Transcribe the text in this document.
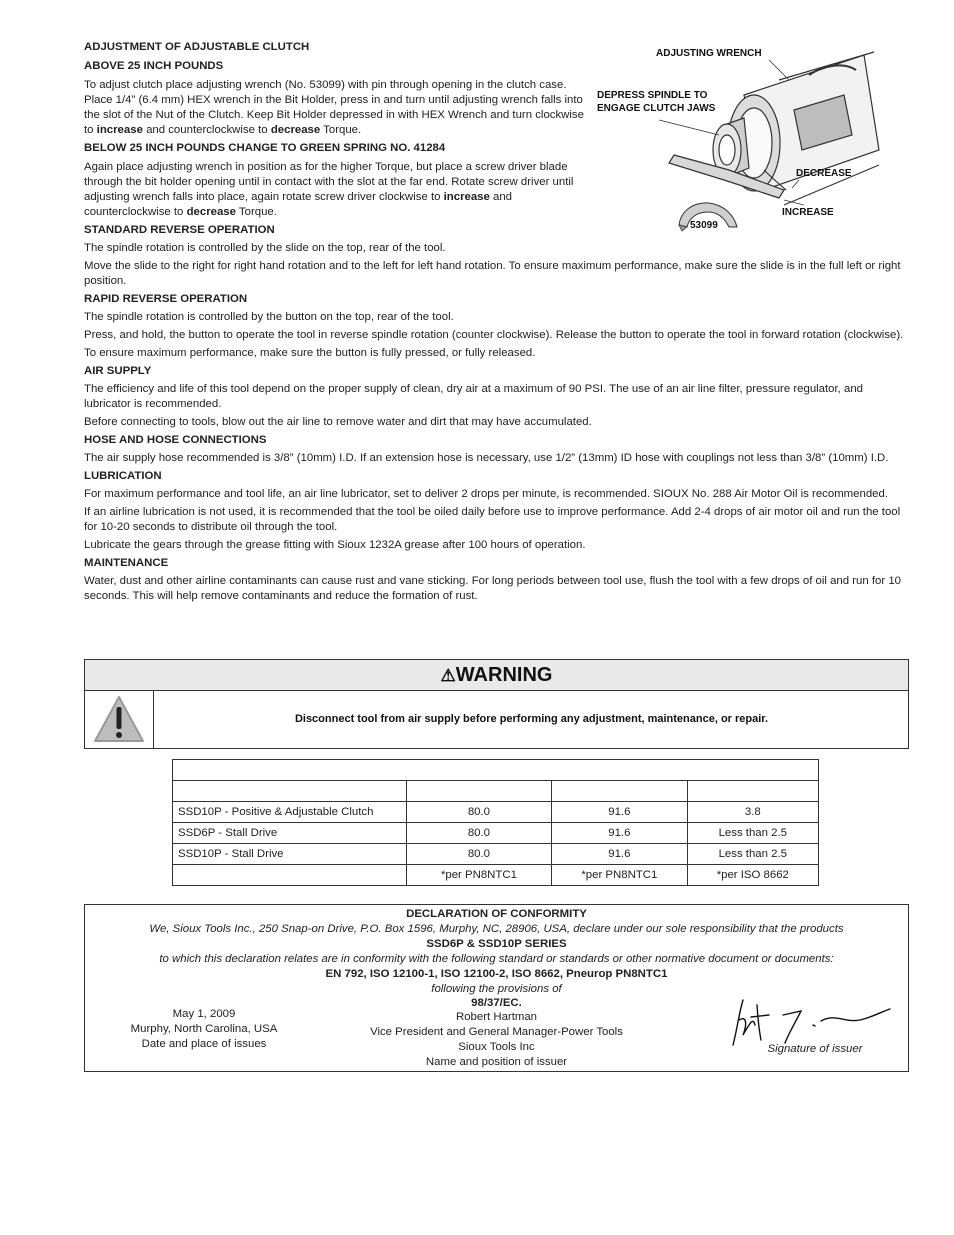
ADJUSTMENT OF ADJUSTABLE CLUTCH
ABOVE 25 INCH POUNDS

To adjust clutch place adjusting wrench (No. 53099) with pin through opening in the clutch case. Place 1/4” (6.4 mm) HEX wrench in the Bit Holder, press in and turn until adjusting wrench falls into the slot of the Nut of the Clutch. Keep Bit Holder depressed in with HEX Wrench and turn clockwise to increase and counterclockwise to decrease Torque.

BELOW 25 INCH POUNDS CHANGE TO GREEN SPRING NO. 41284

Again place adjusting wrench in position as for the higher Torque, but place a screw driver blade through the bit holder opening until in contact with the slot at the far end. Rotate screw driver until adjusting wrench falls into place, again rotate screw driver clockwise to increase and counterclockwise to decrease Torque.

STANDARD REVERSE OPERATION

The spindle rotation is controlled by the slide on the top, rear of the tool.

Move the slide to the right for right hand rotation and to the left for left hand rotation. To ensure maximum performance, make sure the slide is in the full left or right position.

RAPID REVERSE OPERATION

The spindle rotation is controlled by the button on the top, rear of the tool.

Press, and hold, the button to operate the tool in reverse spindle rotation (counter clockwise). Release the button to operate the tool in forward rotation (clockwise).

To ensure maximum performance, make sure the button is fully pressed, or fully released.

AIR SUPPLY

The efficiency and life of this tool depend on the proper supply of clean, dry air at a maximum of 90 PSI. The use of an air line filter, pressure regulator, and lubricator is recommended.

Before connecting to tools, blow out the air line to remove water and dirt that may have accumulated.

HOSE AND HOSE CONNECTIONS

The air supply hose recommended is 3/8” (10mm) I.D. If an extension hose is necessary, use 1/2” (13mm) ID hose with couplings not less than 3/8” (10mm) I.D.

LUBRICATION

For maximum performance and tool life, an air line lubricator, set to deliver 2 drops per minute, is recommended. SIOUX No. 288 Air Motor Oil is recommended.

If an airline lubrication is not used, it is recommended that the tool be oiled daily before use to improve performance. Add 2-4 drops of air motor oil and run the tool for 10-20 seconds to distribute oil through the tool.

Lubricate the gears through the grease fitting with Sioux 1232A grease after 100 hours of operation.

MAINTENANCE

Water, dust and other airline contaminants can cause rust and vane sticking. For long periods between tool use, flush the tool with a few drops of oil and run for 10 seconds. This will help remove contaminants and reduce the formation of rust.

ADJUSTING WRENCH
DEPRESS SPINDLE TO
ENGAGE CLUTCH JAWS
DECREASE
INCREASE
53099
⚠WARNING
Disconnect tool from air supply before performing any adjustment, maintenance, or repair.

SSD10P - Positive & Adjustable Clutch	80.0	91.6	3.8
SSD6P - Stall Drive	80.0	91.6	Less than 2.5
SSD10P - Stall Drive	80.0	91.6	Less than 2.5
	*per PN8NTC1	*per PN8NTC1	*per ISO 8662
DECLARATION OF CONFORMITY
We, Sioux Tools Inc., 250 Snap-on Drive, P.O. Box 1596, Murphy, NC, 28906, USA, declare under our sole responsibility that the products
SSD6P & SSD10P SERIES
to which this declaration relates are in conformity with the following standard or standards or other normative document or documents:
EN 792, ISO 12100-1, ISO 12100-2, ISO 8662, Pneurop PN8NTC1
following the provisions of
98/37/EC.
Robert Hartman
Vice President and General Manager-Power Tools
Sioux Tools Inc
Name and position of issuer
May 1, 2009
Murphy, North Carolina, USA
Date and place of issues	Signature of issuer
